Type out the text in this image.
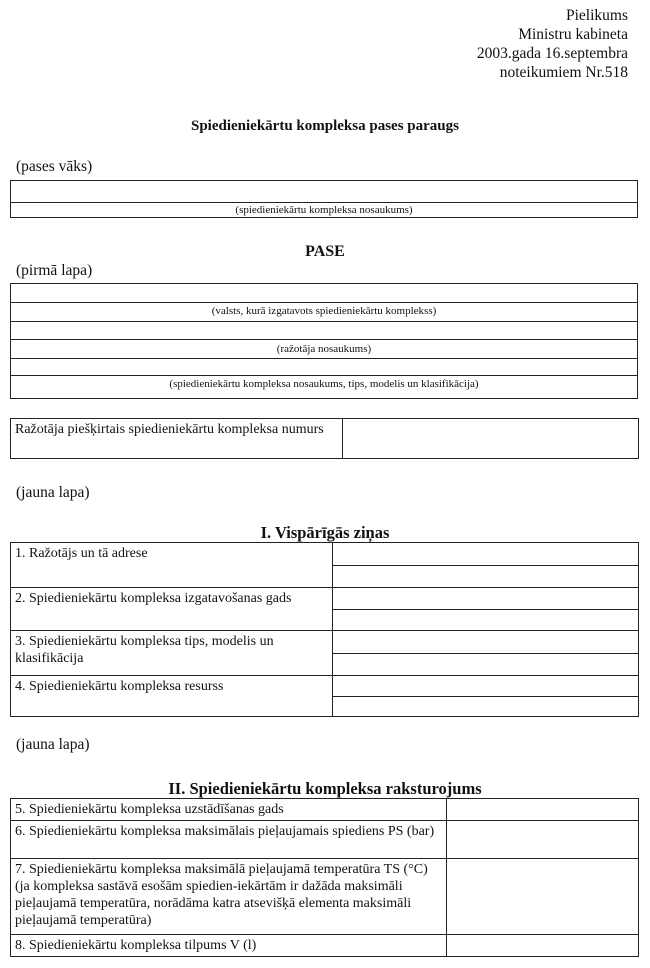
Pielikums
Ministru kabineta
2003.gada 16.septembra
noteikumiem Nr.518
Spiedieniekārtu kompleksa pases paraugs
(pases vāks)
(spiedieniekārtu kompleksa nosaukums)
PASE
(pirmā lapa)
(valsts, kurā izgatavots spiedieniekārtu komplekss)
(ražotāja nosaukums)
(spiedieniekārtu kompleksa nosaukums, tips, modelis un klasifikācija)
Ražotāja piešķirtais spiedieniekārtu kompleksa numurs	
(jauna lapa)
I. Vispārīgās ziņas
1. Ražotājs un tā adrese	

2. Spiedieniekārtu kompleksa izgatavošanas gads	

3. Spiedieniekārtu kompleksa tips, modelis un klasifikācija	

4. Spiedieniekārtu kompleksa resurss	
(jauna lapa)
II. Spiedieniekārtu kompleksa raksturojums
5. Spiedieniekārtu kompleksa uzstādīšanas gads	
6. Spiedieniekārtu kompleksa maksimālais pieļaujamais spiediens PS (bar)	
7. Spiedieniekārtu kompleksa maksimālā pieļaujamā temperatūra TS (°C) (ja kompleksa sastāvā esošām spiedien-iekārtām ir dažāda maksimāli pieļaujamā temperatūra, norādāma katra atsevišķā elementa maksimāli pieļaujamā temperatūra)	
8. Spiedieniekārtu kompleksa tilpums V (l)	
